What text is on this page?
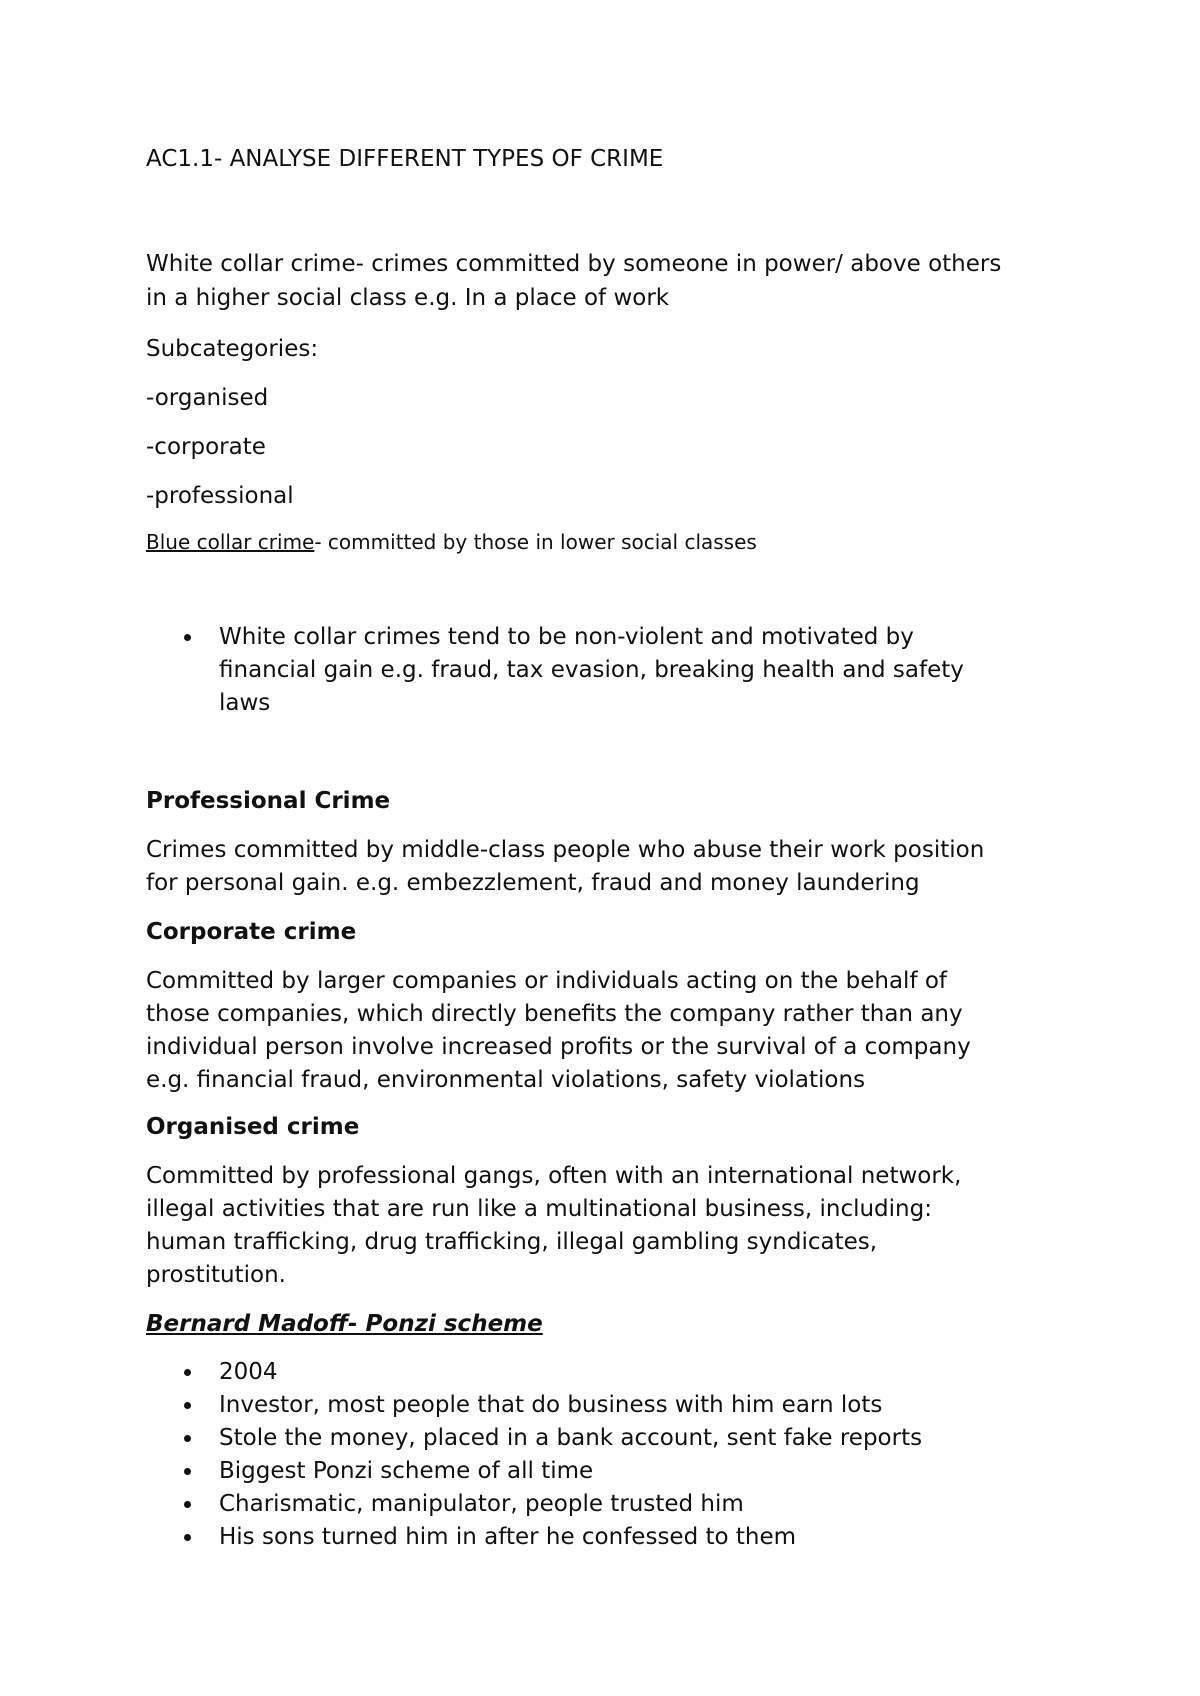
AC1.1- ANALYSE DIFFERENT TYPES OF CRIME

White collar crime- crimes committed by someone in power/ above others

in a higher social class e.g. In a place of work

Subcategories:

-organised

-corporate

-professional

Blue collar crime- committed by those in lower social classes

White collar crimes tend to be non-violent and motivated by
financial gain e.g. fraud, tax evasion, breaking health and safety
laws

Professional Crime

Crimes committed by middle-class people who abuse their work position

for personal gain. e.g. embezzlement, fraud and money laundering

Corporate crime

Committed by larger companies or individuals acting on the behalf of

those companies, which directly benefits the company rather than any

individual person involve increased profits or the survival of a company

e.g. financial fraud, environmental violations, safety violations

Organised crime

Committed by professional gangs, often with an international network,

illegal activities that are run like a multinational business, including:

human trafficking, drug trafficking, illegal gambling syndicates,

prostitution.

Bernard Madoff- Ponzi scheme

2004
Investor, most people that do business with him earn lots
Stole the money, placed in a bank account, sent fake reports
Biggest Ponzi scheme of all time
Charismatic, manipulator, people trusted him
His sons turned him in after he confessed to them
